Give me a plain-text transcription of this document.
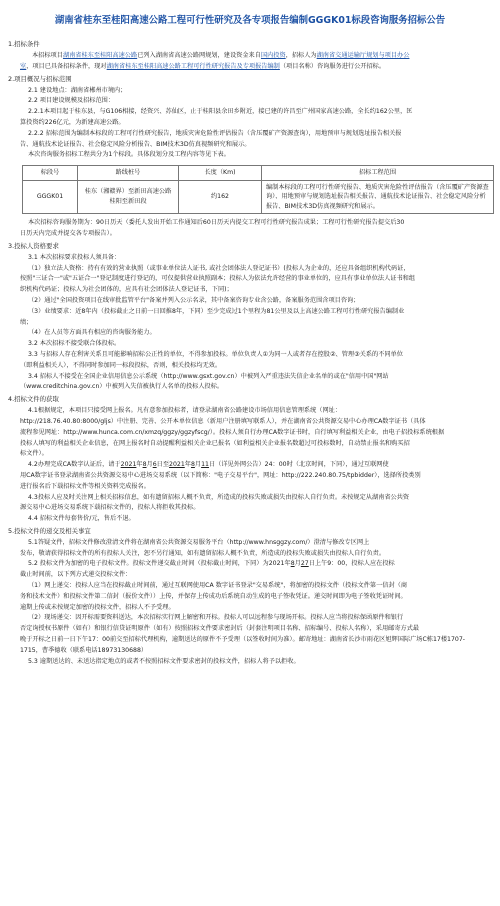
湖南省桂东至桂阳高速公路工程可行性研究及各专项报告编制GGGK01标段咨询服务招标公告
1.招标条件
本招标项目湖南省桂东至桂阳高速公路已列入湖南省高速公路网规划，建设资金来自国内投资，招标人为湖南省交通运输厅规划与项目办公
室，项目已具备招标条件，现对湖南省桂东至桂阳高速公路工程可行性研究报告及专项报告编制（项目名称）咨询服务进行公开招标。
2.项目概况与招标范围
2.1 建设地点：湖南省郴州市境内；
2.2 项目建设规模及招标范围：
2.2.1本项目起于桂东县，与G106相接，经资兴、苏仙区，止于桂阳县余田乡附近，接已建的许昌至广州国家高速公路，全长约162公里，匡
算投资约226亿元，为新建高速公路。
2.2.2 招标范围为编制本标段的工程可行性研究报告，地质灾害危险性评估报告（含压覆矿产资源查询），用地预审与规划选址报告相关报
告、通航技术论证报告、社会稳定风险分析报告、BIM技术3D仿真视频研究和展示。
本次咨询服务招标工程共分为1个标段。具体段划分及工程内容等见下表。
标段号	路线桩号	长度（Km)	招标工程范围
GGGK01	桂东（湘赣界）至新田高速公路桂阳至新田段	约162	编制本标段的工程可行性研究报告、地质灾害危险性评估报告（含压覆矿产资源查询）、用地预审与规划选址报告相关报告、通航技术论证报告、社会稳定风险分析报告、BIM技术3D仿真视频研究和展示。
本次招标咨询服务期为：90日历天（委托人发出开始工作通知后60日历天内提交工程可行性研究报告成果；工程可行性研究报告提交后30
日历天内完成并提交各专项报告）。
3.投标人资格要求
3.1 本次招标要求投标人须具备：
（1）独立法人资格：持有有效的营业执照（或事业单位法人证书, 或社会团体法人登记证书）(投标人为企业的，还应具备组织机构代码证，
按照"三证合一"或"五证合一"登记制度进行登记的，可仅提供营业执照副本；投标人为依法允许经营的事业单位的，应具有事业单位法人证书和组
织机构代码证；投标人为社会团体的，应具有社会团体法人登记证书，下同)；
（2）通过"全国投资项目在线审批监管平台"备案并列入公示名录，其中备案咨询专业含公路，备案服务范围含项目咨询；
（3）业绩要求：近8年内（投标截止之日前一日回推8年，下同）至少完成过1个里程为81公里及以上高速公路工程可行性研究报告编制业
绩；
（4）在人员等方面具有相应的咨询服务能力。
3.2 本次招标不接受联合体投标。
3.3 与招标人存在利害关系且可能影响招标公正性的单位，不得参加投标。单位负责人①为同一人或者存在控股②、管理③关系的不同单位
（即利益相关人），不得同时参加同一标段投标，否则，相关投标均无效。
3.4 招标人不接受在全国企业信用信息公示系统（http://www.gsxt.gov.cn）中被列入严重违法失信企业名单的或在"信用中国"网站
（www.creditchina.gov.cn）中被列入失信被执行人名单的投标人投标。
4.招标文件的获取
4.1根据规定，本项目只接受网上报名。凡有意参加投标者，请登录湖南省公路建设市场信用信息管理系统（网址：
http://218.76.40.80:8000/gljs）中注册、完善、公开本单位信息（新用户注册填写联系人），并在湖南省公共资源交易中心办理CA数字证书（具体
流程参见网址：http://www.hunca.com.cn/xmzq/ggzy/ggzyfscg/）。投标人须自行办理CA数字证书时，自行填写利益相关企业，由电子招投标系统根据
投标人填写的利益相关企业信息，在网上报名时自动提醒利益相关企业已报名（如利益相关企业报名数超过可投标数时，自动禁止报名和购买招
标文件）。
4.2办理完成CA数字认证后，请于2021年8月6日至2021年8月11日（详见外网公告）24：00时（北京时间，下同），通过互联网使
用CA数字证书登录湖南省公共资源交易中心进场交易系统（以下简称："电子交易平台"，网址：http://222.240.80.75/tpbidder），选择所投类别
进行报名后下载招标文件等相关资料完成报名。
4.3投标人应及时关注网上相关招标信息，如有遗留招标人概不负责，所造成的投标失败或损失由投标人自行负责。未按规定从湖南省公共资
源交易中心进场交易系统下载招标文件的，投标人将拒收其投标。
4.4 招标文件每套售价/元，售后不退。
5.投标文件的递交及相关事宜
5.1答疑文件，招标文件修改澄清文件将在湖南省公共资源交易服务平台（http://www.hnsggzy.com/）澄清与修改专区网上
发布，敬请获得招标文件的所有投标人关注，恕不另行通知，如有遗留招标人概不负责，所造成的投标失败或损失由投标人自行负责。
5.2 投标文件为加密的电子投标文件。投标文件递交截止时间（投标截止时间，下同）为2021年8月27日上午9：00，投标人应在投标
截止时间前，以下列方式递交投标文件：
（1）网上递交：投标人应当在投标截止时间前，通过互联网使用CA 数字证书登录"交易系统"，将加密的投标文件（投标文件第一信封（商
务和技术文件）和投标文件第二信封（报价文件））上传，并保存上传成功后系统自动生成的电子签收凭证。递交时间即为电子签收凭证时间。
逾期上传或未按规定加密的投标文件，招标人不予受理。
（2）现场递交：因开标需要资料送达，本次招标实行网上解密和开标。投标人可以远程参与现场开标。投标人应当将投标保函原件和银行
否定询授权书原件（如有）和银行信贷证明原件（如有）按照招标文件要求密封后（封套注明项目名称、招标编号、投标人名称），采用邮寄方式最
晚于开标之日前一日下午17：00前交至招标代理机构，逾期送达的原件不予受理（以签收时间为准）。邮寄地址：湖南省长沙市雨花区旭辉国际广场C栋17楼1707-
1715，曹季德收（联系电话18973130688）
5.3 逾期送达的、未送达指定地点的或者不按照招标文件要求密封的投标文件，招标人将予以拒收。
